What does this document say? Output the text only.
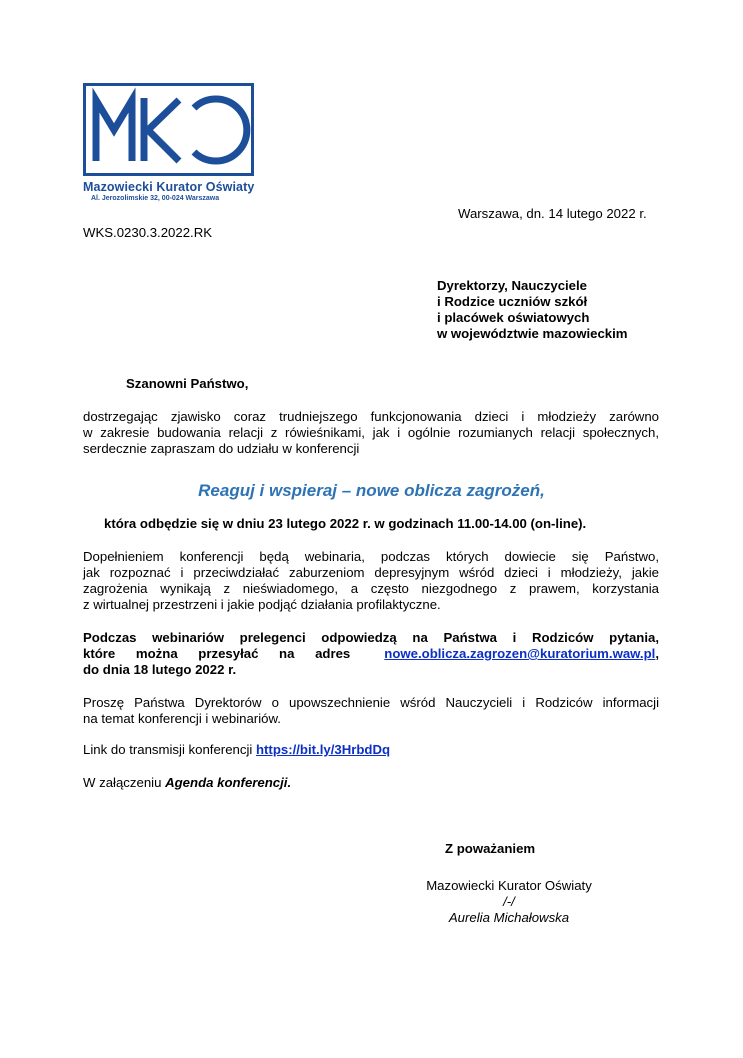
Mazowiecki Kurator Oświaty
Al. Jerozolimskie 32, 00-024 Warszawa
Warszawa, dn. 14 lutego 2022 r.
WKS.0230.3.2022.RK
Dyrektorzy, Nauczyciele
i Rodzice uczniów szkół
i placówek oświatowych
w województwie mazowieckim
Szanowni Państwo,
dostrzegając zjawisko coraz trudniejszego funkcjonowania dzieci i młodzieży zarówno
w zakresie budowania relacji z rówieśnikami, jak i ogólnie rozumianych relacji społecznych,
serdecznie zapraszam do udziału w konferencji
Reaguj i wspieraj – nowe oblicza zagrożeń,
która odbędzie się w dniu 23 lutego 2022 r. w godzinach 11.00-14.00 (on-line).
Dopełnieniem konferencji będą webinaria, podczas których dowiecie się Państwo,
jak rozpoznać i przeciwdziałać zaburzeniom depresyjnym wśród dzieci i młodzieży, jakie
zagrożenia wynikają z nieświadomego, a często niezgodnego z prawem, korzystania
z wirtualnej przestrzeni i jakie podjąć działania profilaktyczne.
Podczas webinariów prelegenci odpowiedzą na Państwa i Rodziców pytania,
które można przesyłać na adres	nowe.oblicza.zagrozen@kuratorium.waw.pl,
do dnia 18 lutego 2022 r.
Proszę Państwa Dyrektorów o upowszechnienie wśród Nauczycieli i Rodziców informacji
na temat konferencji i webinariów.
Link do transmisji konferencji https://bit.ly/3HrbdDq
W załączeniu Agenda konferencji.
Z poważaniem
Mazowiecki Kurator Oświaty
/-/
Aurelia Michałowska
